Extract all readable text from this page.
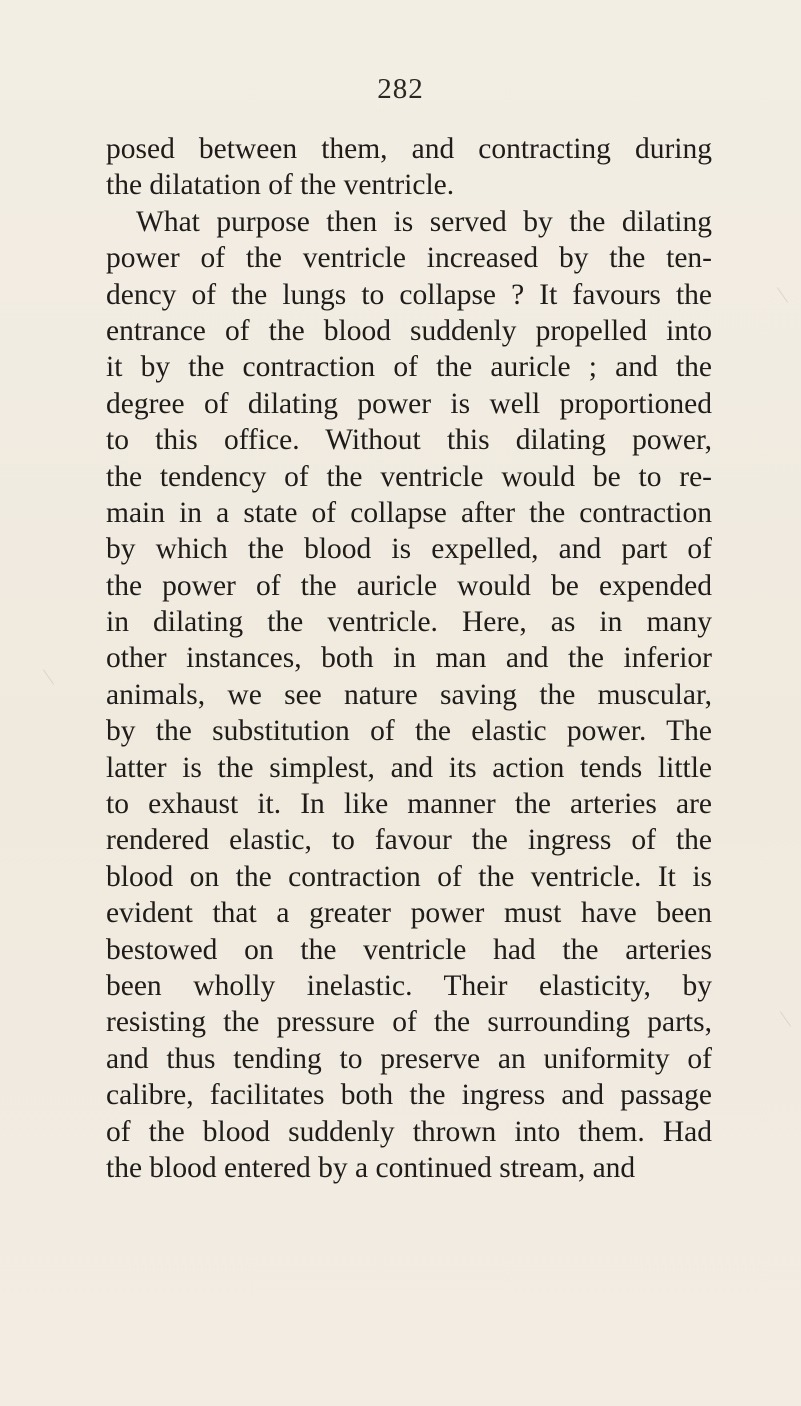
282
posed between them, and contracting during
the dilatation of the ventricle.
What purpose then is served by the dilating
power of the ventricle increased by the ten-
dency of the lungs to collapse ? It favours the
entrance of the blood suddenly propelled into
it by the contraction of the auricle ; and the
degree of dilating power is well proportioned
to this office. Without this dilating power,
the tendency of the ventricle would be to re-
main in a state of collapse after the contraction
by which the blood is expelled, and part of
the power of the auricle would be expended
in dilating the ventricle. Here, as in many
other instances, both in man and the inferior
animals, we see nature saving the muscular,
by the substitution of the elastic power. The
latter is the simplest, and its action tends little
to exhaust it. In like manner the arteries are
rendered elastic, to favour the ingress of the
blood on the contraction of the ventricle. It is
evident that a greater power must have been
bestowed on the ventricle had the arteries
been wholly inelastic. Their elasticity, by
resisting the pressure of the surrounding parts,
and thus tending to preserve an uniformity of
calibre, facilitates both the ingress and passage
of the blood suddenly thrown into them. Had
the blood entered by a continued stream, and
